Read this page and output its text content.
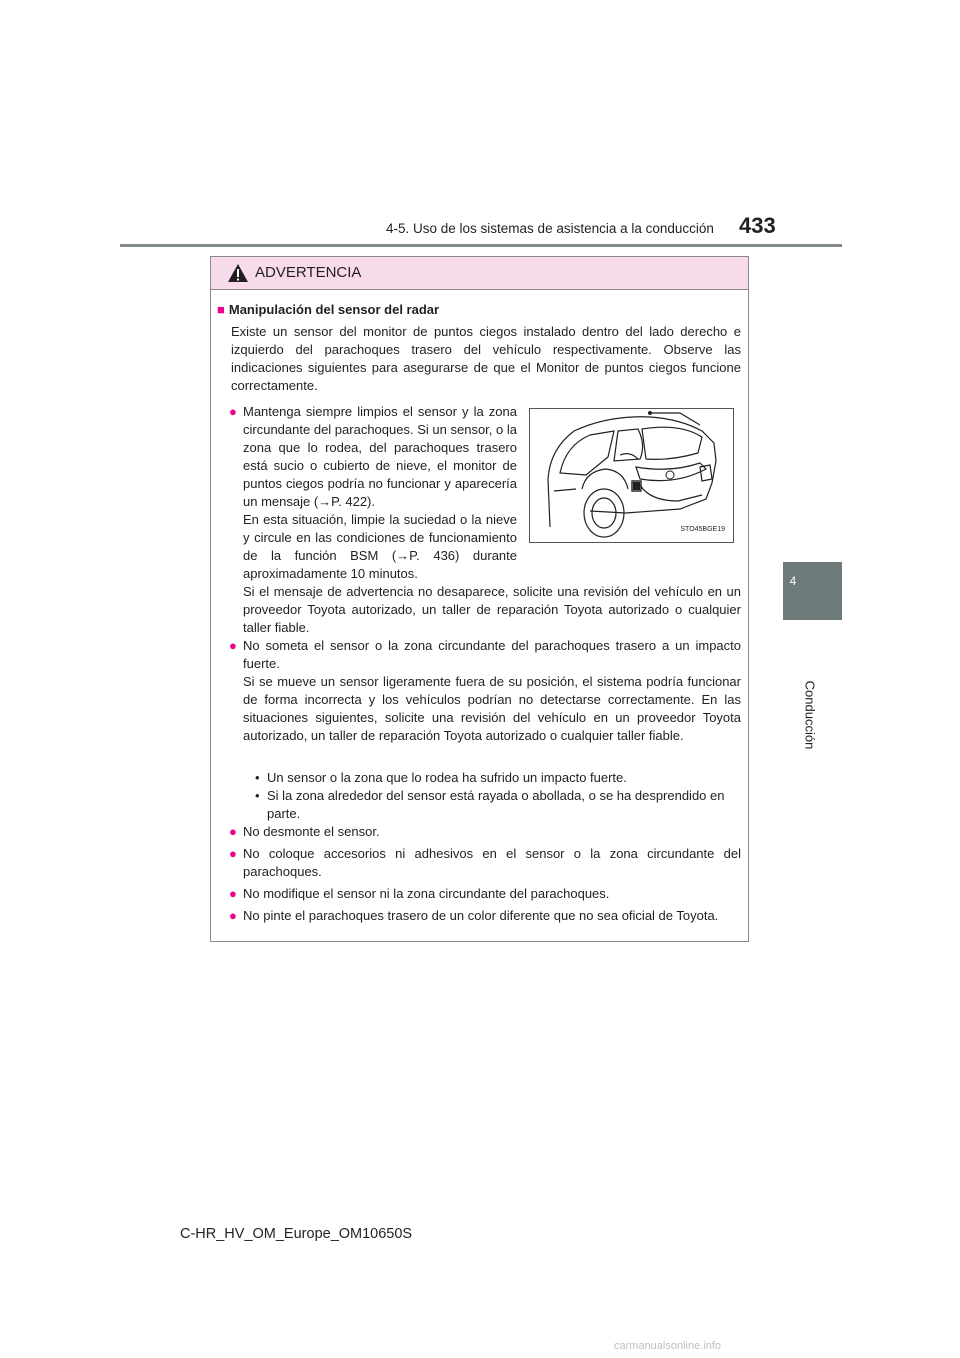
4-5. Uso de los sistemas de asistencia a la conducción 433
4
Conducción
ADVERTENCIA

■ Manipulación del sensor del radar

Existe un sensor del monitor de puntos ciegos instalado dentro del lado derecho e izquierdo del parachoques trasero del vehículo respectivamente. Observe las indicaciones siguientes para asegurarse de que el Monitor de puntos ciegos funcione correctamente.

● Mantenga siempre limpios el sensor y la zona circundante del parachoques. Si un sensor, o la zona que lo rodea, del parachoques trasero está sucio o cubierto de nieve, el monitor de puntos ciegos podría no funcionar y aparecería un mensaje (→P. 422).

En esta situación, limpie la suciedad o la nieve y circule en las condiciones de funcionamiento de la función BSM (→P. 436) durante aproximadamente 10 minutos.

Si el mensaje de advertencia no desaparece, solicite una revisión del vehículo en un proveedor Toyota autorizado, un taller de reparación Toyota autorizado o cualquier taller fiable.

STO45BGE19
● No someta el sensor o la zona circundante del parachoques trasero a un impacto fuerte.

Si se mueve un sensor ligeramente fuera de su posición, el sistema podría funcionar de forma incorrecta y los vehículos podrían no detectarse correctamente. En las situaciones siguientes, solicite una revisión del vehículo en un proveedor Toyota autorizado, un taller de reparación Toyota autorizado o cualquier taller fiable.

• Un sensor o la zona que lo rodea ha sufrido un impacto fuerte.

• Si la zona alrededor del sensor está rayada o abollada, o se ha desprendido en parte.

● No desmonte el sensor.

● No coloque accesorios ni adhesivos en el sensor o la zona circundante del parachoques.

● No modifique el sensor ni la zona circundante del parachoques.

● No pinte el parachoques trasero de un color diferente que no sea oficial de Toyota.

C-HR_HV_OM_Europe_OM10650S
carmanualsonline.info
